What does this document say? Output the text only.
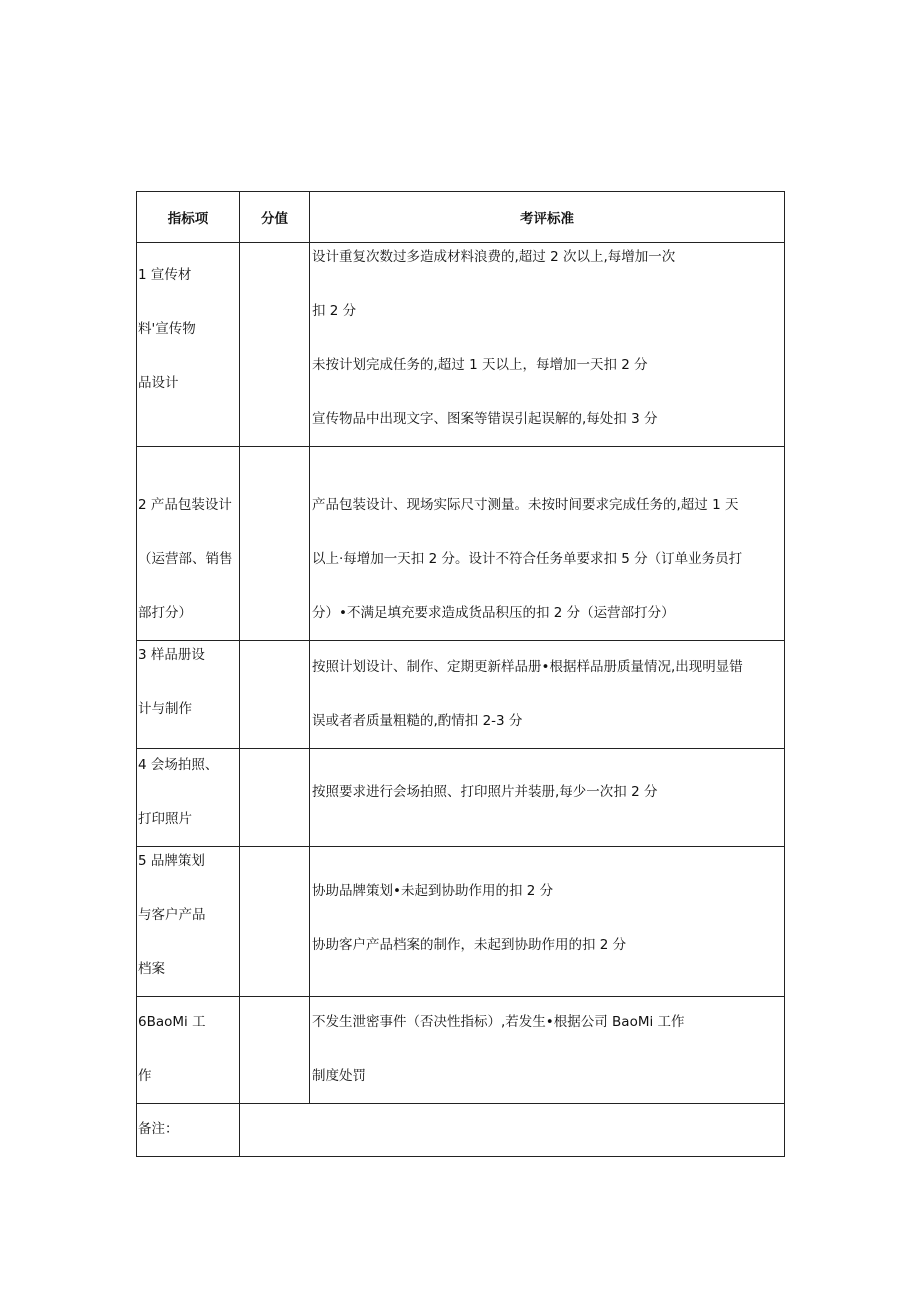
指标项	分值	考评标准

1 宣传材
料'宣传物
品设计		设计重复次数过多造成材料浪费的,超过 2 次以上,每增加一次
扣 2 分
未按计划完成任务的,超过 1 天以上，每增加一天扣 2 分
宣传物品中出现文字、图案等错误引起误解的,每处扣 3 分

2 产品包装设计
（运营部、销售
部打分）		产品包装设计、现场实际尺寸测量。未按时间要求完成任务的,超过 1 天
以上·每增加一天扣 2 分。设计不符合任务单要求扣 5 分（订单业务员打
分）•不满足填充要求造成货品积压的扣 2 分（运营部打分）

3 样品册设
计与制作		按照计划设计、制作、定期更新样品册•根据样品册质量情况,出现明显错
误或者者质量粗糙的,酌情扣 2-3 分

4 会场拍照、
打印照片		按照要求进行会场拍照、打印照片并装册,每少一次扣 2 分

5 品牌策划
与客户产品
档案		协助品牌策划•未起到协助作用的扣 2 分
协助客户产品档案的制作，未起到协助作用的扣 2 分

6BaoMi 工
作		不发生泄密事件（否决性指标）,若发生•根据公司 BaoMi 工作
制度处罚

备注：		
